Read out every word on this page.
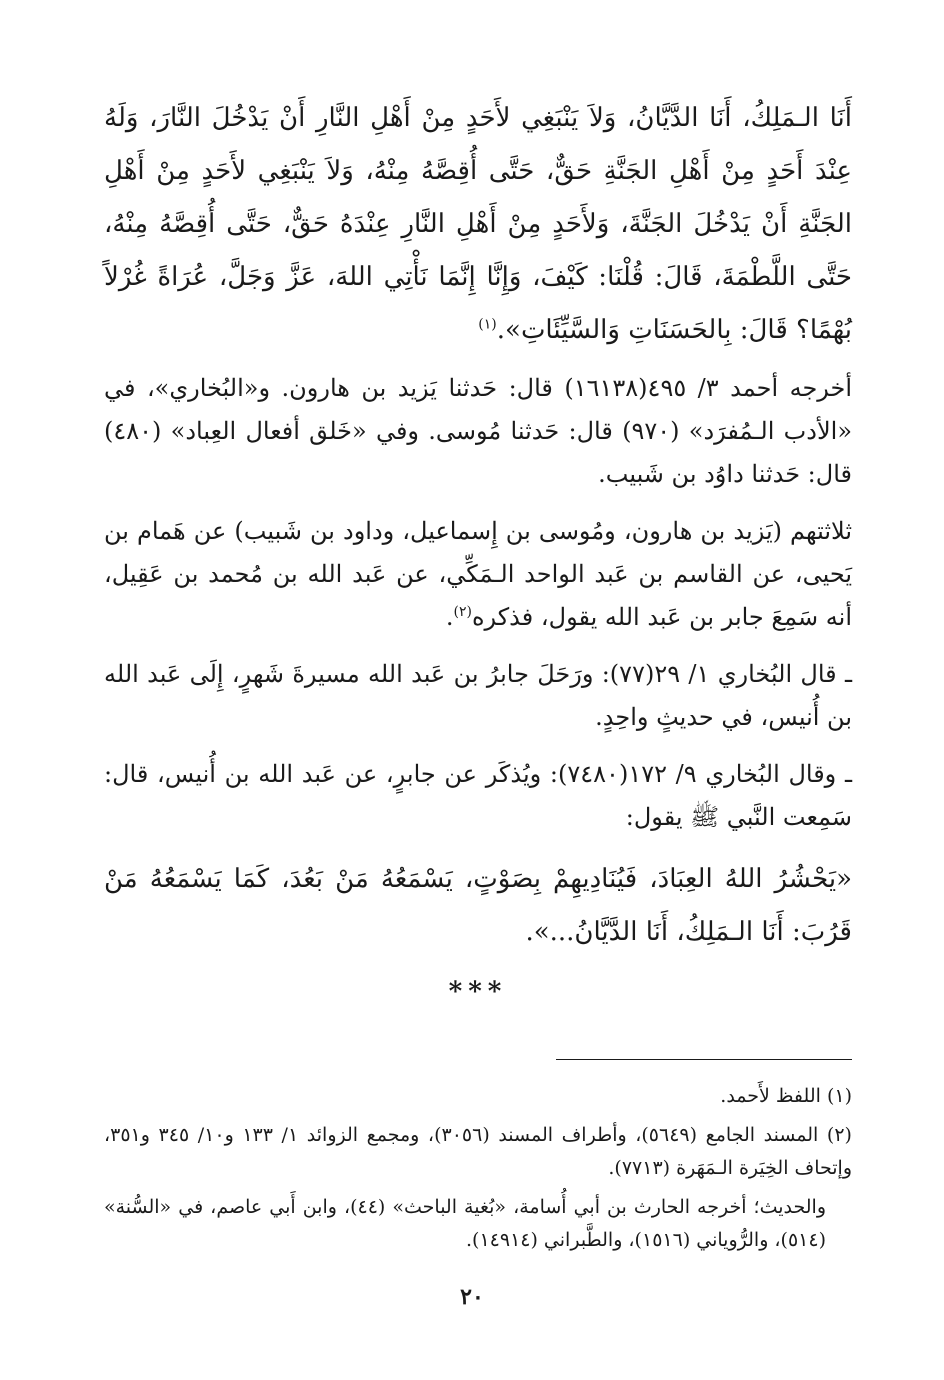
أَنَا الـمَلِكُ، أَنَا الدَّيَّانُ، وَلاَ يَنْبَغِي لأَحَدٍ مِنْ أَهْلِ النَّارِ أَنْ يَدْخُلَ النَّارَ، وَلَهُ عِنْدَ أَحَدٍ مِنْ أَهْلِ الجَنَّةِ حَقٌّ، حَتَّى أُقِصَّهُ مِنْهُ، وَلاَ يَنْبَغِي لأَحَدٍ مِنْ أَهْلِ الجَنَّةِ أَنْ يَدْخُلَ الجَنَّةَ، وَلأَحَدٍ مِنْ أَهْلِ النَّارِ عِنْدَهُ حَقٌّ، حَتَّى أُقِصَّهُ مِنْهُ، حَتَّى اللَّطْمَةَ، قَالَ: قُلْنَا: كَيْفَ، وَإِنَّا إِنَّمَا نَأْتِي اللهَ، عَزَّ وَجَلَّ، عُرَاةً غُرْلاً بُهْمًا؟ قَالَ: بِالحَسَنَاتِ وَالسَّيِّئَاتِ».$^{(١)}$

أخرجه أحمد ٣/ ٤٩٥(١٦١٣٨) قال: حَدثنا يَزيد بن هارون. و«البُخاري»، في «الأدب الـمُفرَد» (٩٧٠) قال: حَدثنا مُوسى. وفي «خَلق أفعال العِباد» (٤٨٠) قال: حَدثنا داوُد بن شَبيب.

ثلاثتهم (يَزيد بن هارون، ومُوسى بن إِسماعيل، وداود بن شَبيب) عن هَمام بن يَحيى، عن القاسم بن عَبد الواحد الـمَكِّي، عن عَبد الله بن مُحمد بن عَقِيل، أنه سَمِعَ جابر بن عَبد الله يقول، فذكره$^{(٢)}$.

ـ قال البُخاري ١/ ٢٩(٧٧): ورَحَلَ جابرُ بن عَبد الله مسيرةَ شَهرٍ، إِلَى عَبد الله بن أُنيس، في حديثٍ واحِدٍ.

ـ وقال البُخاري ٩/ ١٧٢(٧٤٨٠): ويُذكَر عن جابرٍ، عن عَبد الله بن أُنيس، قال: سَمِعت النَّبي ﷺ يقول:

«يَحْشُرُ اللهُ العِبَادَ، فَيُنَادِيهِمْ بِصَوْتٍ، يَسْمَعُهُ مَنْ بَعُدَ، كَمَا يَسْمَعُهُ مَنْ قَرُبَ: أَنَا الـمَلِكُ، أَنَا الدَّيَّانُ...».

***

(١) اللفظ لأَحمد.

(٢) المسند الجامع (٥٦٤٩)، وأطراف المسند (٣٠٥٦)، ومجمع الزوائد ١/ ١٣٣ و١٠/ ٣٤٥ و٣٥١، وإتحاف الخِيَرة الـمَهَرة (٧٧١٣).

والحديث؛ أخرجه الحارث بن أبي أُسامة، «بُغية الباحث» (٤٤)، وابن أَبي عاصم، في «السُّنة» (٥١٤)، والرُّوياني (١٥١٦)، والطَّبراني (١٤٩١٤).

٢٠
